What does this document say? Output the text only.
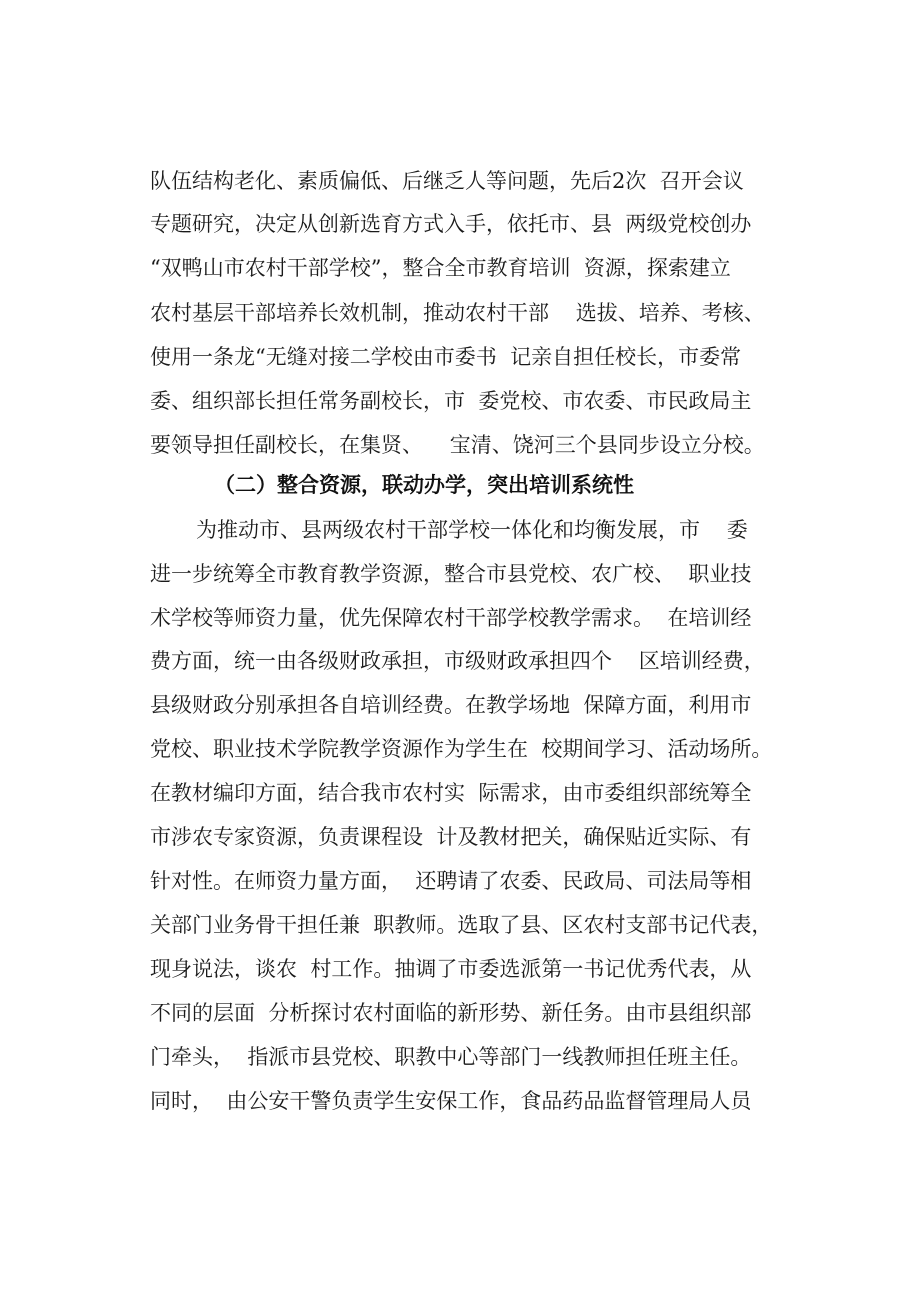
队伍结构老化、素质偏低、后继乏人等问题，先后2次  召开会议
专题研究，决定从创新选育方式入手，依托市、县  两级党校创办
“双鸭山市农村干部学校”，整合全市教育培训  资源，探索建立
农村基层干部培养长效机制，推动农村干部    选拔、培养、考核、
使用一条龙“无缝对接二学校由市委书  记亲自担任校长，市委常
委、组织部长担任常务副校长，市  委党校、市农委、市民政局主
要领导担任副校长，在集贤、    宝清、饶河三个县同步设立分校。
（二）整合资源，联动办学，突出培训系统性
为推动市、县两级农村干部学校一体化和均衡发展，市    委
进一步统筹全市教育教学资源，整合市县党校、农广校、  职业技
术学校等师资力量，优先保障农村干部学校教学需求。  在培训经
费方面，统一由各级财政承担，市级财政承担四个    区培训经费，
县级财政分别承担各自培训经费。在教学场地  保障方面，利用市
党校、职业技术学院教学资源作为学生在  校期间学习、活动场所。
在教材编印方面，结合我市农村实  际需求，由市委组织部统筹全
市涉农专家资源，负责课程设  计及教材把关，确保贴近实际、有
针对性。在师资力量方面，  还聘请了农委、民政局、司法局等相
关部门业务骨干担任兼  职教师。选取了县、区农村支部书记代表，
现身说法，谈农  村工作。抽调了市委选派第一书记优秀代表，从
不同的层面  分析探讨农村面临的新形势、新任务。由市县组织部
门牵头，  指派市县党校、职教中心等部门一线教师担任班主任。
同时，  由公安干警负责学生安保工作，食品药品监督管理局人员
